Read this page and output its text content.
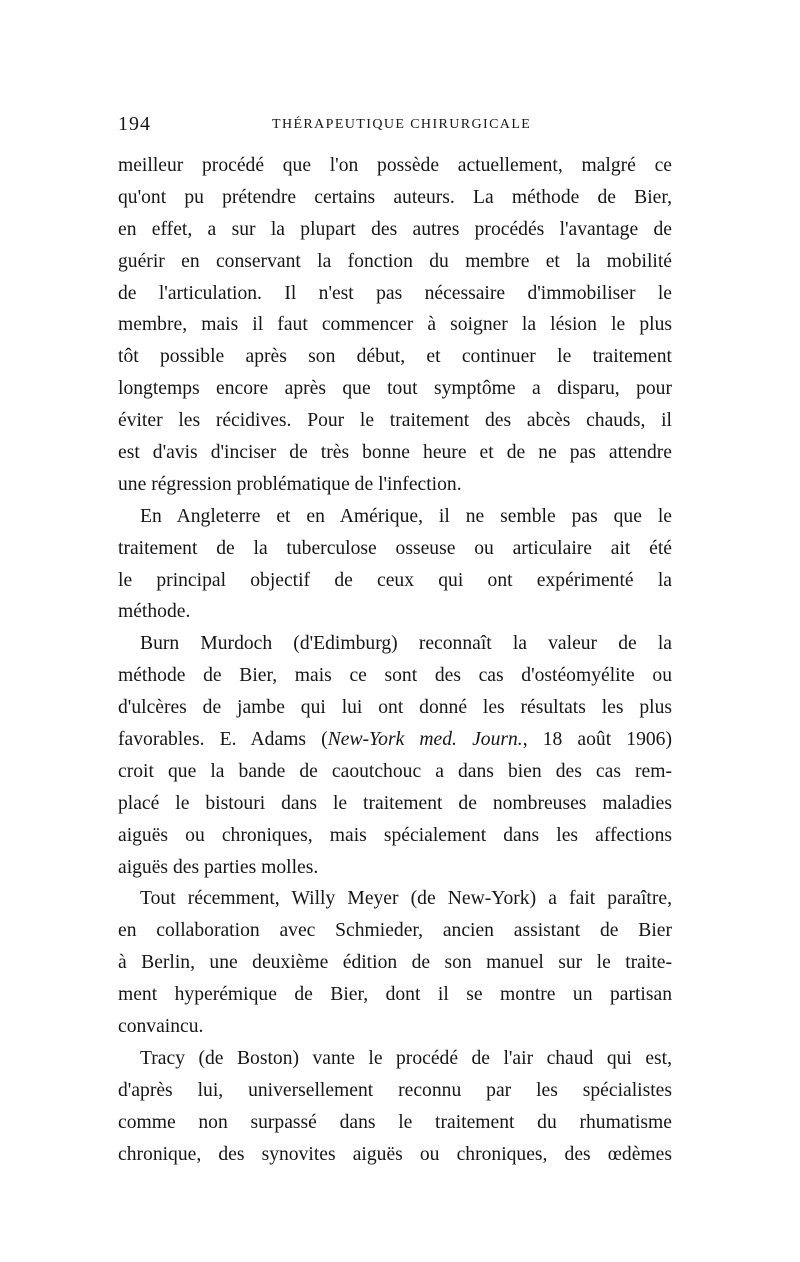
194	THÉRAPEUTIQUE CHIRURGICALE
meilleur procédé que l'on possède actuellement, malgré ce
qu'ont pu prétendre certains auteurs. La méthode de Bier,
en effet, a sur la plupart des autres procédés l'avantage de
guérir en conservant la fonction du membre et la mobilité
de l'articulation. Il n'est pas nécessaire d'immobiliser le
membre, mais il faut commencer à soigner la lésion le plus
tôt possible après son début, et continuer le traitement
longtemps encore après que tout symptôme a disparu, pour
éviter les récidives. Pour le traitement des abcès chauds, il
est d'avis d'inciser de très bonne heure et de ne pas attendre
une régression problématique de l'infection.
En Angleterre et en Amérique, il ne semble pas que le
traitement de la tuberculose osseuse ou articulaire ait été
le principal objectif de ceux qui ont expérimenté la
méthode.
Burn Murdoch (d'Edimburg) reconnaît la valeur de la
méthode de Bier, mais ce sont des cas d'ostéomyélite ou
d'ulcères de jambe qui lui ont donné les résultats les plus
favorables. E. Adams (New-York med. Journ., 18 août 1906)
croit que la bande de caoutchouc a dans bien des cas rem-
placé le bistouri dans le traitement de nombreuses maladies
aiguës ou chroniques, mais spécialement dans les affections
aiguës des parties molles.
Tout récemment, Willy Meyer (de New-York) a fait paraître,
en collaboration avec Schmieder, ancien assistant de Bier
à Berlin, une deuxième édition de son manuel sur le traite-
ment hyperémique de Bier, dont il se montre un partisan
convaincu.
Tracy (de Boston) vante le procédé de l'air chaud qui est,
d'après lui, universellement reconnu par les spécialistes
comme non surpassé dans le traitement du rhumatisme
chronique, des synovites aiguës ou chroniques, des œdèmes
